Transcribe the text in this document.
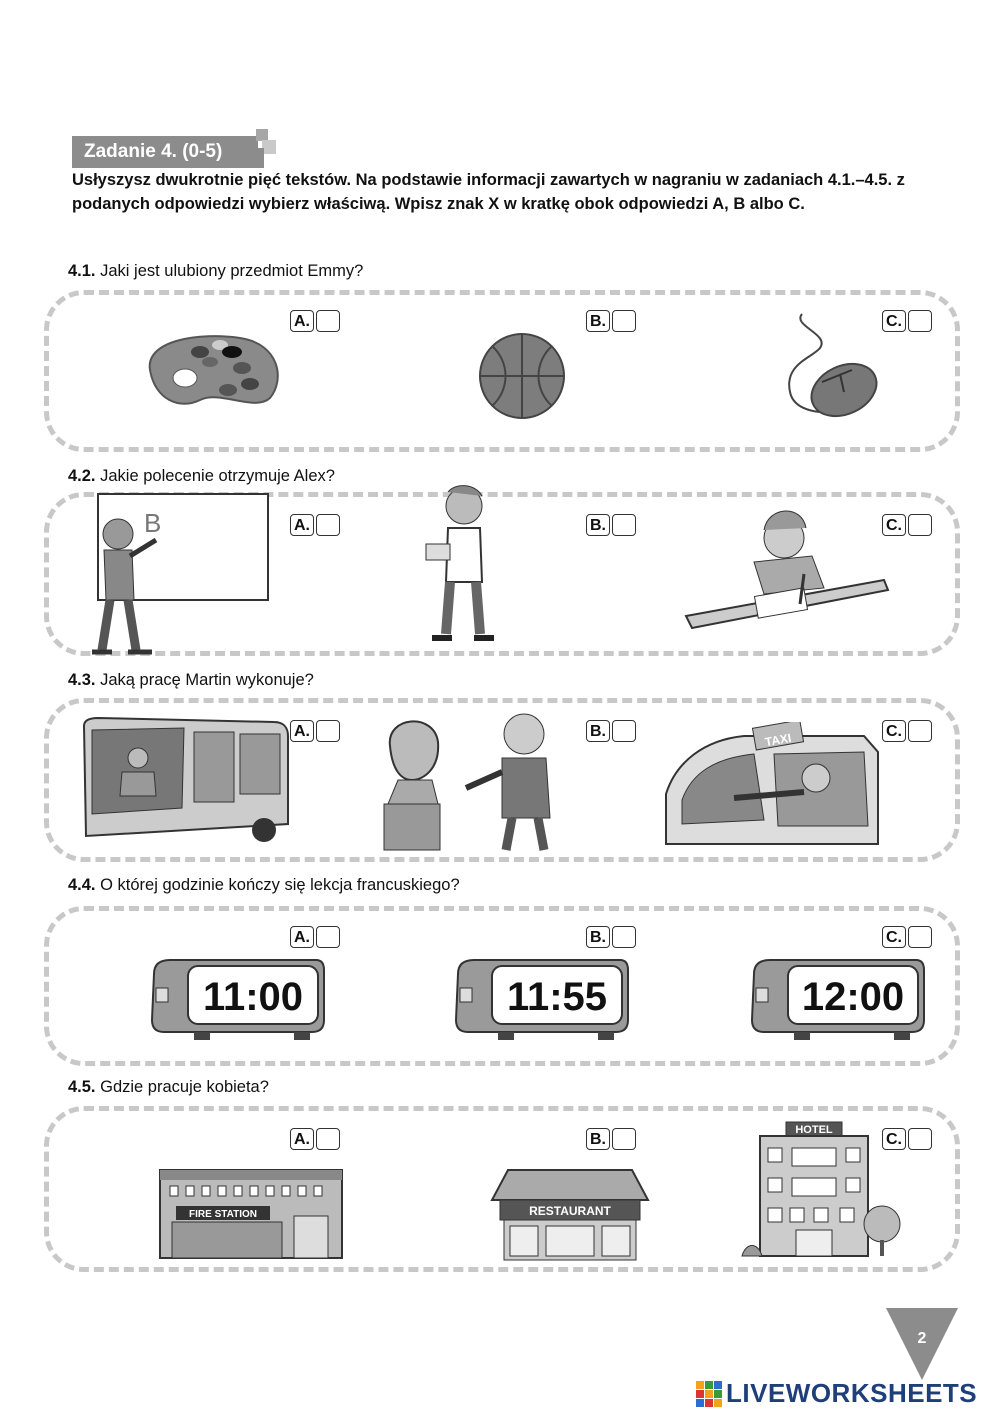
Zadanie 4. (0-5)
Usłyszysz dwukrotnie pięć tekstów. Na podstawie informacji zawartych w nagraniu w zadaniach 4.1.–4.5. z podanych odpowiedzi wybierz właściwą. Wpisz znak X w kratkę obok odpowiedzi A, B albo C.
4.1. Jaki jest ulubiony przedmiot Emmy?
A.	B.	C.
4.2. Jakie polecenie otrzymuje Alex?
A.	B.	C.
B
4.3. Jaką pracę Martin wykonuje?
A.	B.	C.
TAXI
4.4. O której godzinie kończy się lekcja francuskiego?
A.	B.	C.
11:00	11:55	12:00
4.5. Gdzie pracuje kobieta?
A.	B.	C.
FIRE STATION	RESTAURANT
HOTEL
2
LIVEWORKSHEETS
